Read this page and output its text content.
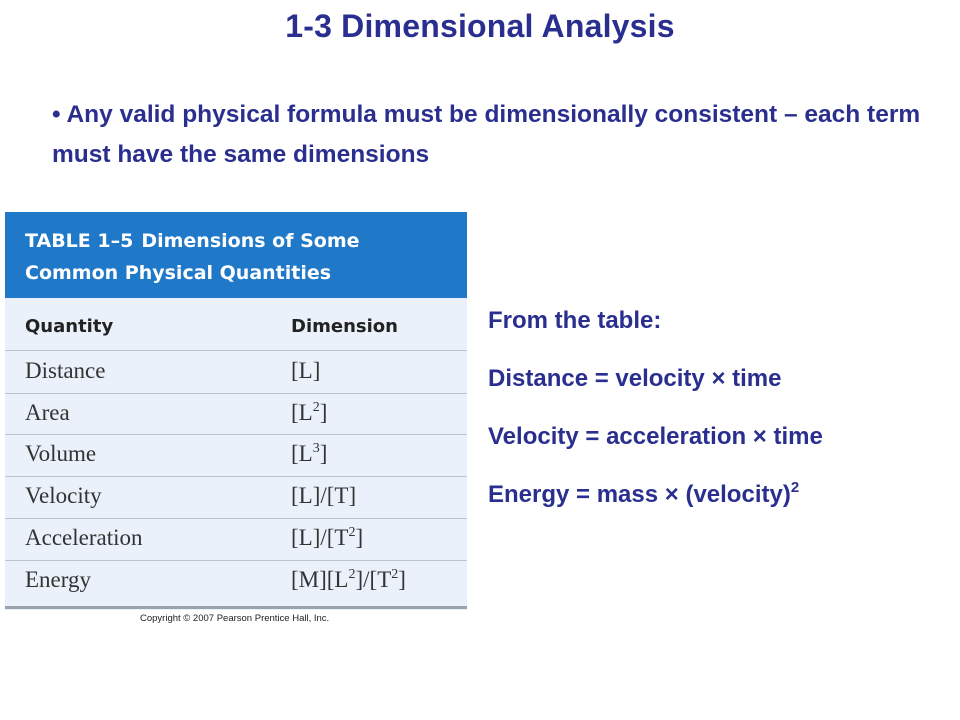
1-3 Dimensional Analysis
• Any valid physical formula must be dimensionally consistent – each term must have the same dimensions
TABLE 1–5 Dimensions of Some
Common Physical Quantities
Quantity	Dimension
Distance	[L]
Area	$[L^2]$
Volume	$[L^3]$
Velocity	[L]/[T]
Acceleration	$[L]/[T^2]$
Energy	$[M][L^2]/[T^2]$
Copyright © 2007 Pearson Prentice Hall, Inc.
From the table:
Distance = velocity × time
Velocity = acceleration × time
Energy = mass × (velocity)$^2$
